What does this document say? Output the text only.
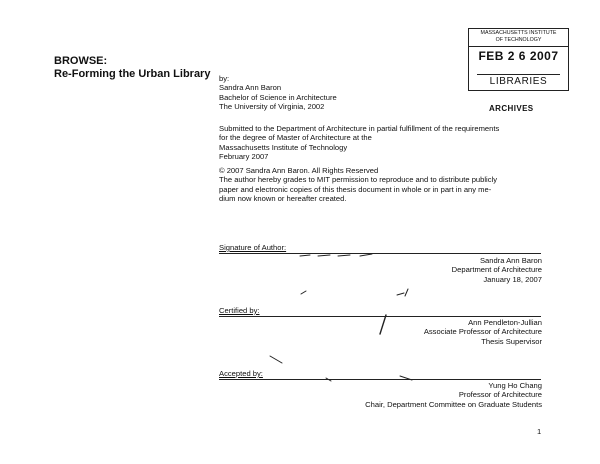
BROWSE:
Re-Forming the Urban Library
MASSACHUSETTS INSTITUTE
OF TECHNOLOGY
FEB 2 6 2007
LIBRARIES
ARCHIVES
by:
Sandra Ann Baron
Bachelor of Science in Architecture
The University of Virginia, 2002
Submitted to the Department of Architecture in partial fulfillment of the requirements
for the degree of Master of Architecture at the
Massachusetts Institute of Technology
February 2007
© 2007 Sandra Ann Baron. All Rights Reserved
The author hereby grades to MIT permission to reproduce and to distribute publicly
paper and electronic copies of this thesis document in whole or in part in any me-
dium now known or hereafter created.
Signature of Author:
Sandra Ann Baron
Department of Architecture
January 18, 2007
Certified by:
Ann Pendleton-Jullian
Associate Professor of Architecture
Thesis Supervisor
Accepted by:
Yung Ho Chang
Professor of Architecture
Chair, Department Committee on Graduate Students
1
